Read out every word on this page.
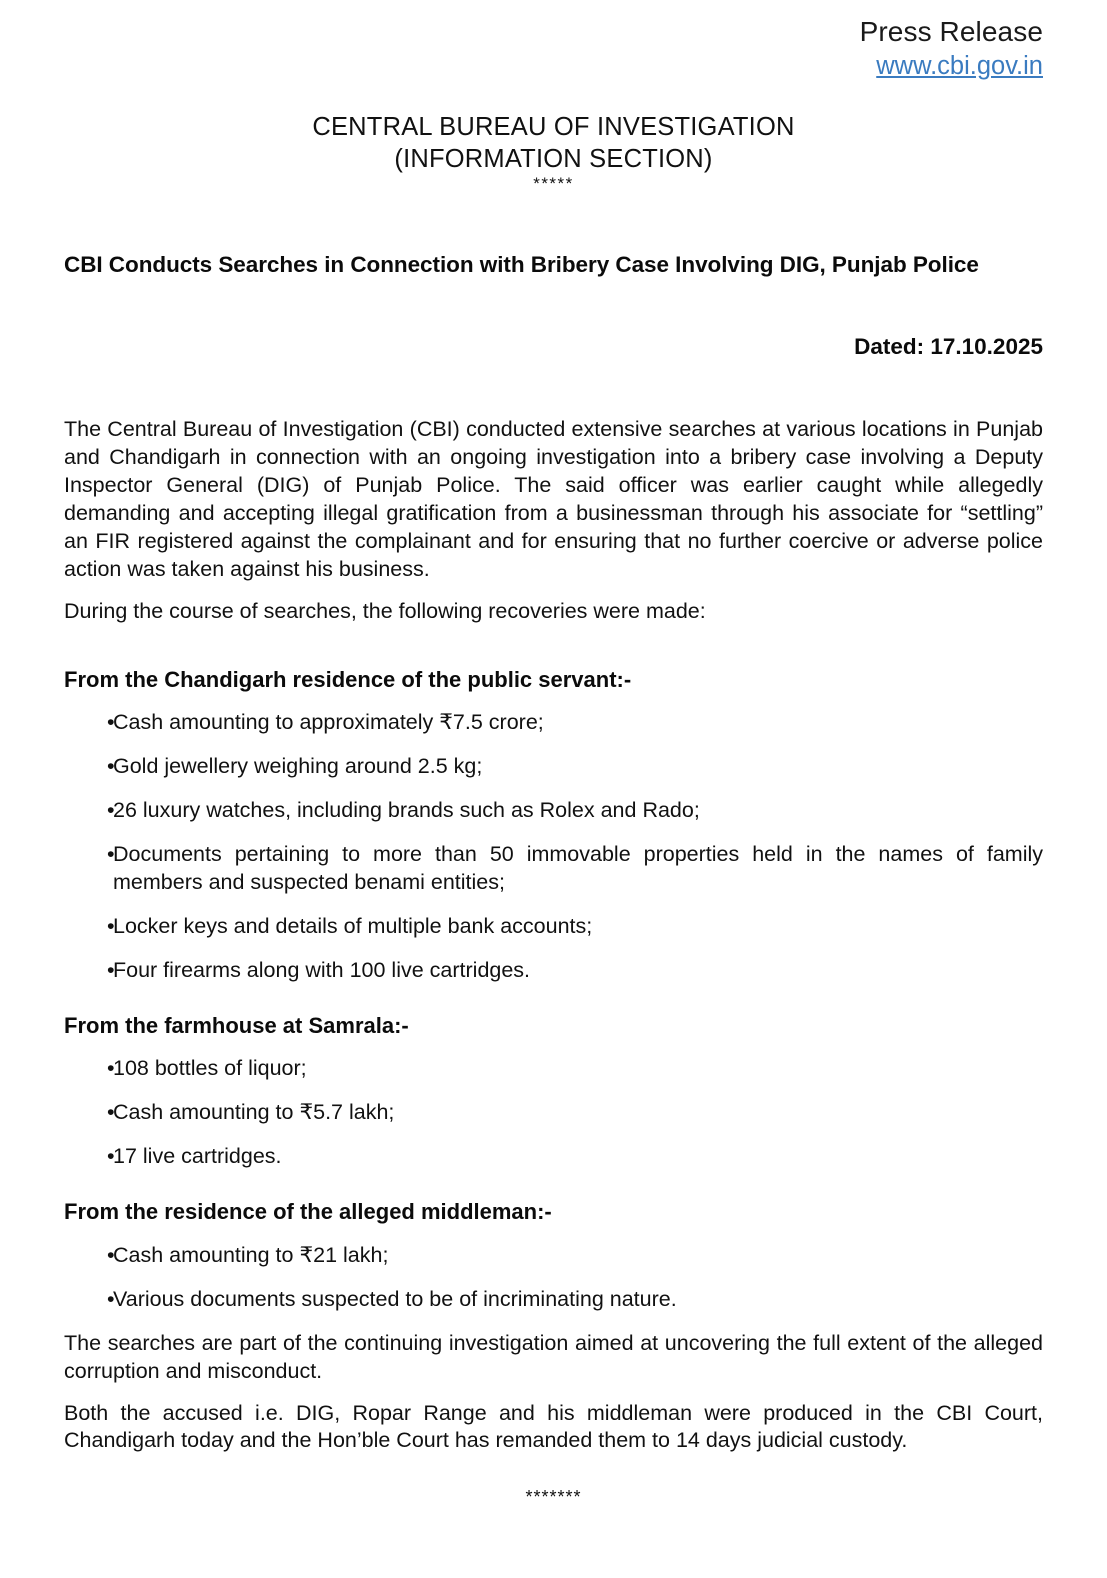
Press Release
www.cbi.gov.in
CENTRAL BUREAU OF INVESTIGATION
(INFORMATION SECTION)
*****
CBI Conducts Searches in Connection with Bribery Case Involving DIG, Punjab Police
Dated: 17.10.2025

The Central Bureau of Investigation (CBI) conducted extensive searches at various locations in Punjab and Chandigarh in connection with an ongoing investigation into a bribery case involving a Deputy Inspector General (DIG) of Punjab Police. The said officer was earlier caught while allegedly demanding and accepting illegal gratification from a businessman through his associate for “settling” an FIR registered against the complainant and for ensuring that no further coercive or adverse police action was taken against his business.

During the course of searches, the following recoveries were made:

From the Chandigarh residence of the public servant:-
•
Cash amounting to approximately ₹7.5 crore;
•
Gold jewellery weighing around 2.5 kg;
•
26 luxury watches, including brands such as Rolex and Rado;
•
Documents pertaining to more than 50 immovable properties held in the names of family members and suspected benami entities;
•
Locker keys and details of multiple bank accounts;
•
Four firearms along with 100 live cartridges.
From the farmhouse at Samrala:-
•
108 bottles of liquor;
•
Cash amounting to ₹5.7 lakh;
•
17 live cartridges.
From the residence of the alleged middleman:-
•
Cash amounting to ₹21 lakh;
•
Various documents suspected to be of incriminating nature.

The searches are part of the continuing investigation aimed at uncovering the full extent of the alleged corruption and misconduct.

Both the accused i.e. DIG, Ropar Range and his middleman were produced in the CBI Court, Chandigarh today and the Hon’ble Court has remanded them to 14 days judicial custody.

*******
